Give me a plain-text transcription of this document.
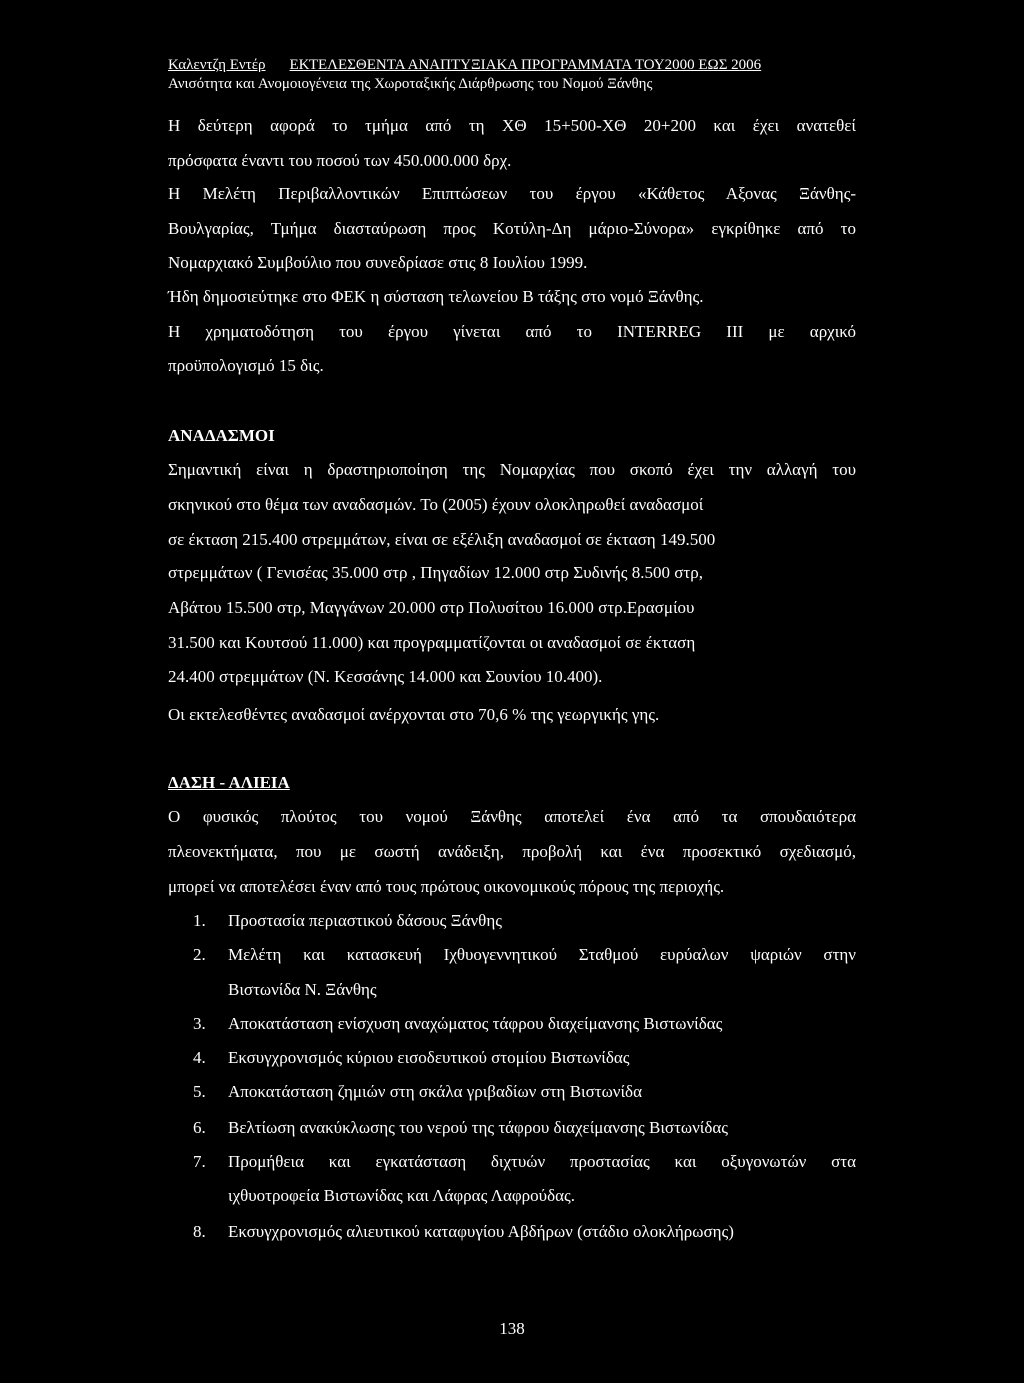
Καλεντζη Εντέρ ΕΚΤΕΛΕΣΘΕΝΤΑ ΑΝΑΠΤΥΞΙΑΚΑ ΠΡΟΓΡΑΜΜΑΤΑ ΤΟΥ2000 ΕΩΣ 2006
Ανισότητα και Ανομοιογένεια της Χωροταξικής Διάρθρωσης του Νομού Ξάνθης
Η δεύτερη αφορά το τμήμα από τη ΧΘ 15+500-ΧΘ 20+200 και έχει ανατεθεί
πρόσφατα έναντι του ποσού των 450.000.000 δρχ.
Η Μελέτη Περιβαλλοντικών Επιπτώσεων του έργου «Κάθετος Αξονας Ξάνθης-
Βουλγαρίας, Τμήμα διασταύρωση προς Κοτύλη-Δη μάριο-Σύνορα» εγκρίθηκε από το
Νομαρχιακό Συμβούλιο που συνεδρίασε στις 8 Ιουλίου 1999.
Ήδη δημοσιεύτηκε στο ΦΕΚ η σύσταση τελωνείου Β τάξης στο νομό Ξάνθης.
Η χρηματοδότηση του έργου γίνεται από το INTERREG III με αρχικό
προϋπολογισμό 15 δις.
ΑΝΑΔΑΣΜΟΙ
Σημαντική είναι η δραστηριοποίηση της Νομαρχίας που σκοπό έχει την αλλαγή του
σκηνικού στο θέμα των αναδασμών. Το (2005) έχουν ολοκληρωθεί αναδασμοί
σε έκταση 215.400 στρεμμάτων, είναι σε εξέλιξη αναδασμοί σε έκταση 149.500
στρεμμάτων ( Γενισέας 35.000 στρ , Πηγαδίων 12.000 στρ Συδινής 8.500 στρ,
Αβάτου 15.500 στρ, Μαγγάνων 20.000 στρ Πολυσίτου 16.000 στρ.Ερασμίου
31.500 και Κουτσού 11.000) και προγραμματίζονται οι αναδασμοί σε έκταση
24.400 στρεμμάτων (Ν. Κεσσάνης 14.000 και Σουνίου 10.400).
Οι εκτελεσθέντες αναδασμοί ανέρχονται στο 70,6 % της γεωργικής γης.
ΔΑΣΗ - ΑΛΙΕΙΑ
Ο φυσικός πλούτος του νομού Ξάνθης αποτελεί ένα από τα σπουδαιότερα
πλεονεκτήματα, που με σωστή ανάδειξη, προβολή και ένα προσεκτικό σχεδιασμό,
μπορεί να αποτελέσει έναν από τους πρώτους οικονομικούς πόρους της περιοχής.
1. Προστασία περιαστικού δάσους Ξάνθης
2. Μελέτη και κατασκευή Ιχθυογεννητικού Σταθμού ευρύαλων ψαριών στην
Βιστωνίδα Ν. Ξάνθης
3. Αποκατάσταση ενίσχυση αναχώματος τάφρου διαχείμανσης Βιστωνίδας
4. Εκσυγχρονισμός κύριου εισοδευτικού στομίου Βιστωνίδας
5. Αποκατάσταση ζημιών στη σκάλα γριβαδίων στη Βιστωνίδα
6. Βελτίωση ανακύκλωσης του νερού της τάφρου διαχείμανσης Βιστωνίδας
7. Προμήθεια και εγκατάσταση διχτυών προστασίας και οξυγονωτών στα
ιχθυοτροφεία Βιστωνίδας και Λάφρας Λαφρούδας.
8. Εκσυγχρονισμός αλιευτικού καταφυγίου Αβδήρων (στάδιο ολοκλήρωσης)
138
